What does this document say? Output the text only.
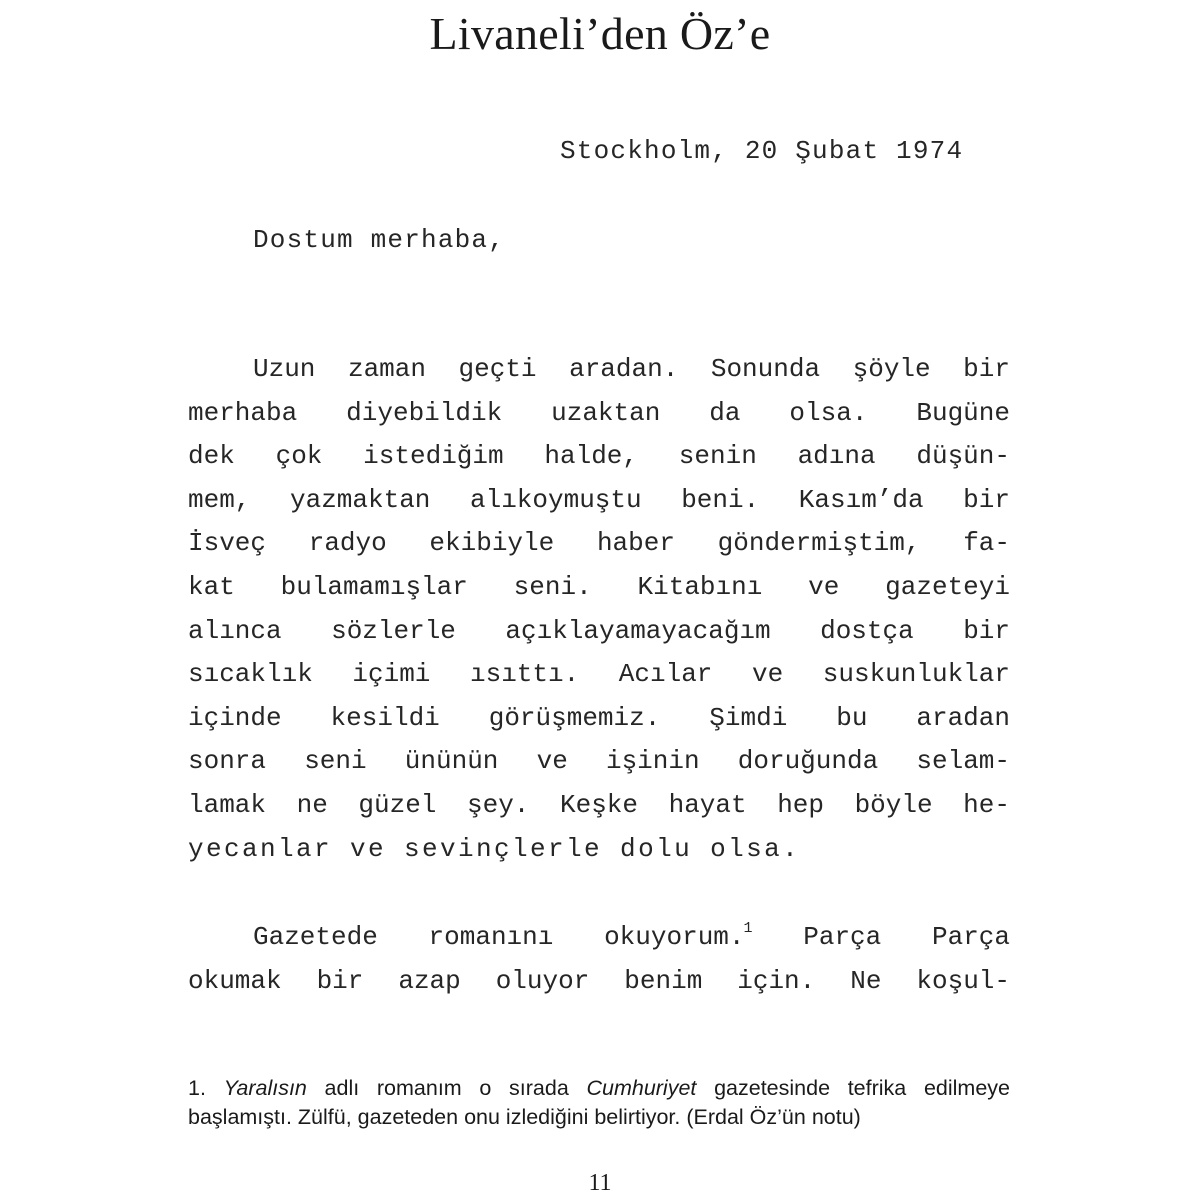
Livaneli’den Öz’e
Stockholm, 20 Şubat 1974
Dostum merhaba,
Uzun zaman geçti aradan. Sonunda şöyle bir
merhaba diyebildik uzaktan da olsa. Bugüne
dek çok istediğim halde, senin adına düşün-
mem, yazmaktan alıkoymuştu beni. Kasım’da bir
İsveç radyo ekibiyle haber göndermiştim, fa-
kat bulamamışlar seni. Kitabını ve gazeteyi
alınca sözlerle açıklayamayacağım dostça bir
sıcaklık içimi ısıttı. Acılar ve suskunluklar
içinde kesildi görüşmemiz. Şimdi bu aradan
sonra seni ününün ve işinin doruğunda selam-
lamak ne güzel şey. Keşke hayat hep böyle he-
yecanlar ve sevinçlerle dolu olsa.
Gazetede romanını okuyorum.$^1$ Parça Parça
okumak bir azap oluyor benim için. Ne koşul-
1. Yaralısın adlı romanım o sırada Cumhuriyet gazetesinde tefrika edilmeye
başlamıştı. Zülfü, gazeteden onu izlediğini belirtiyor. (Erdal Öz’ün notu)
11
